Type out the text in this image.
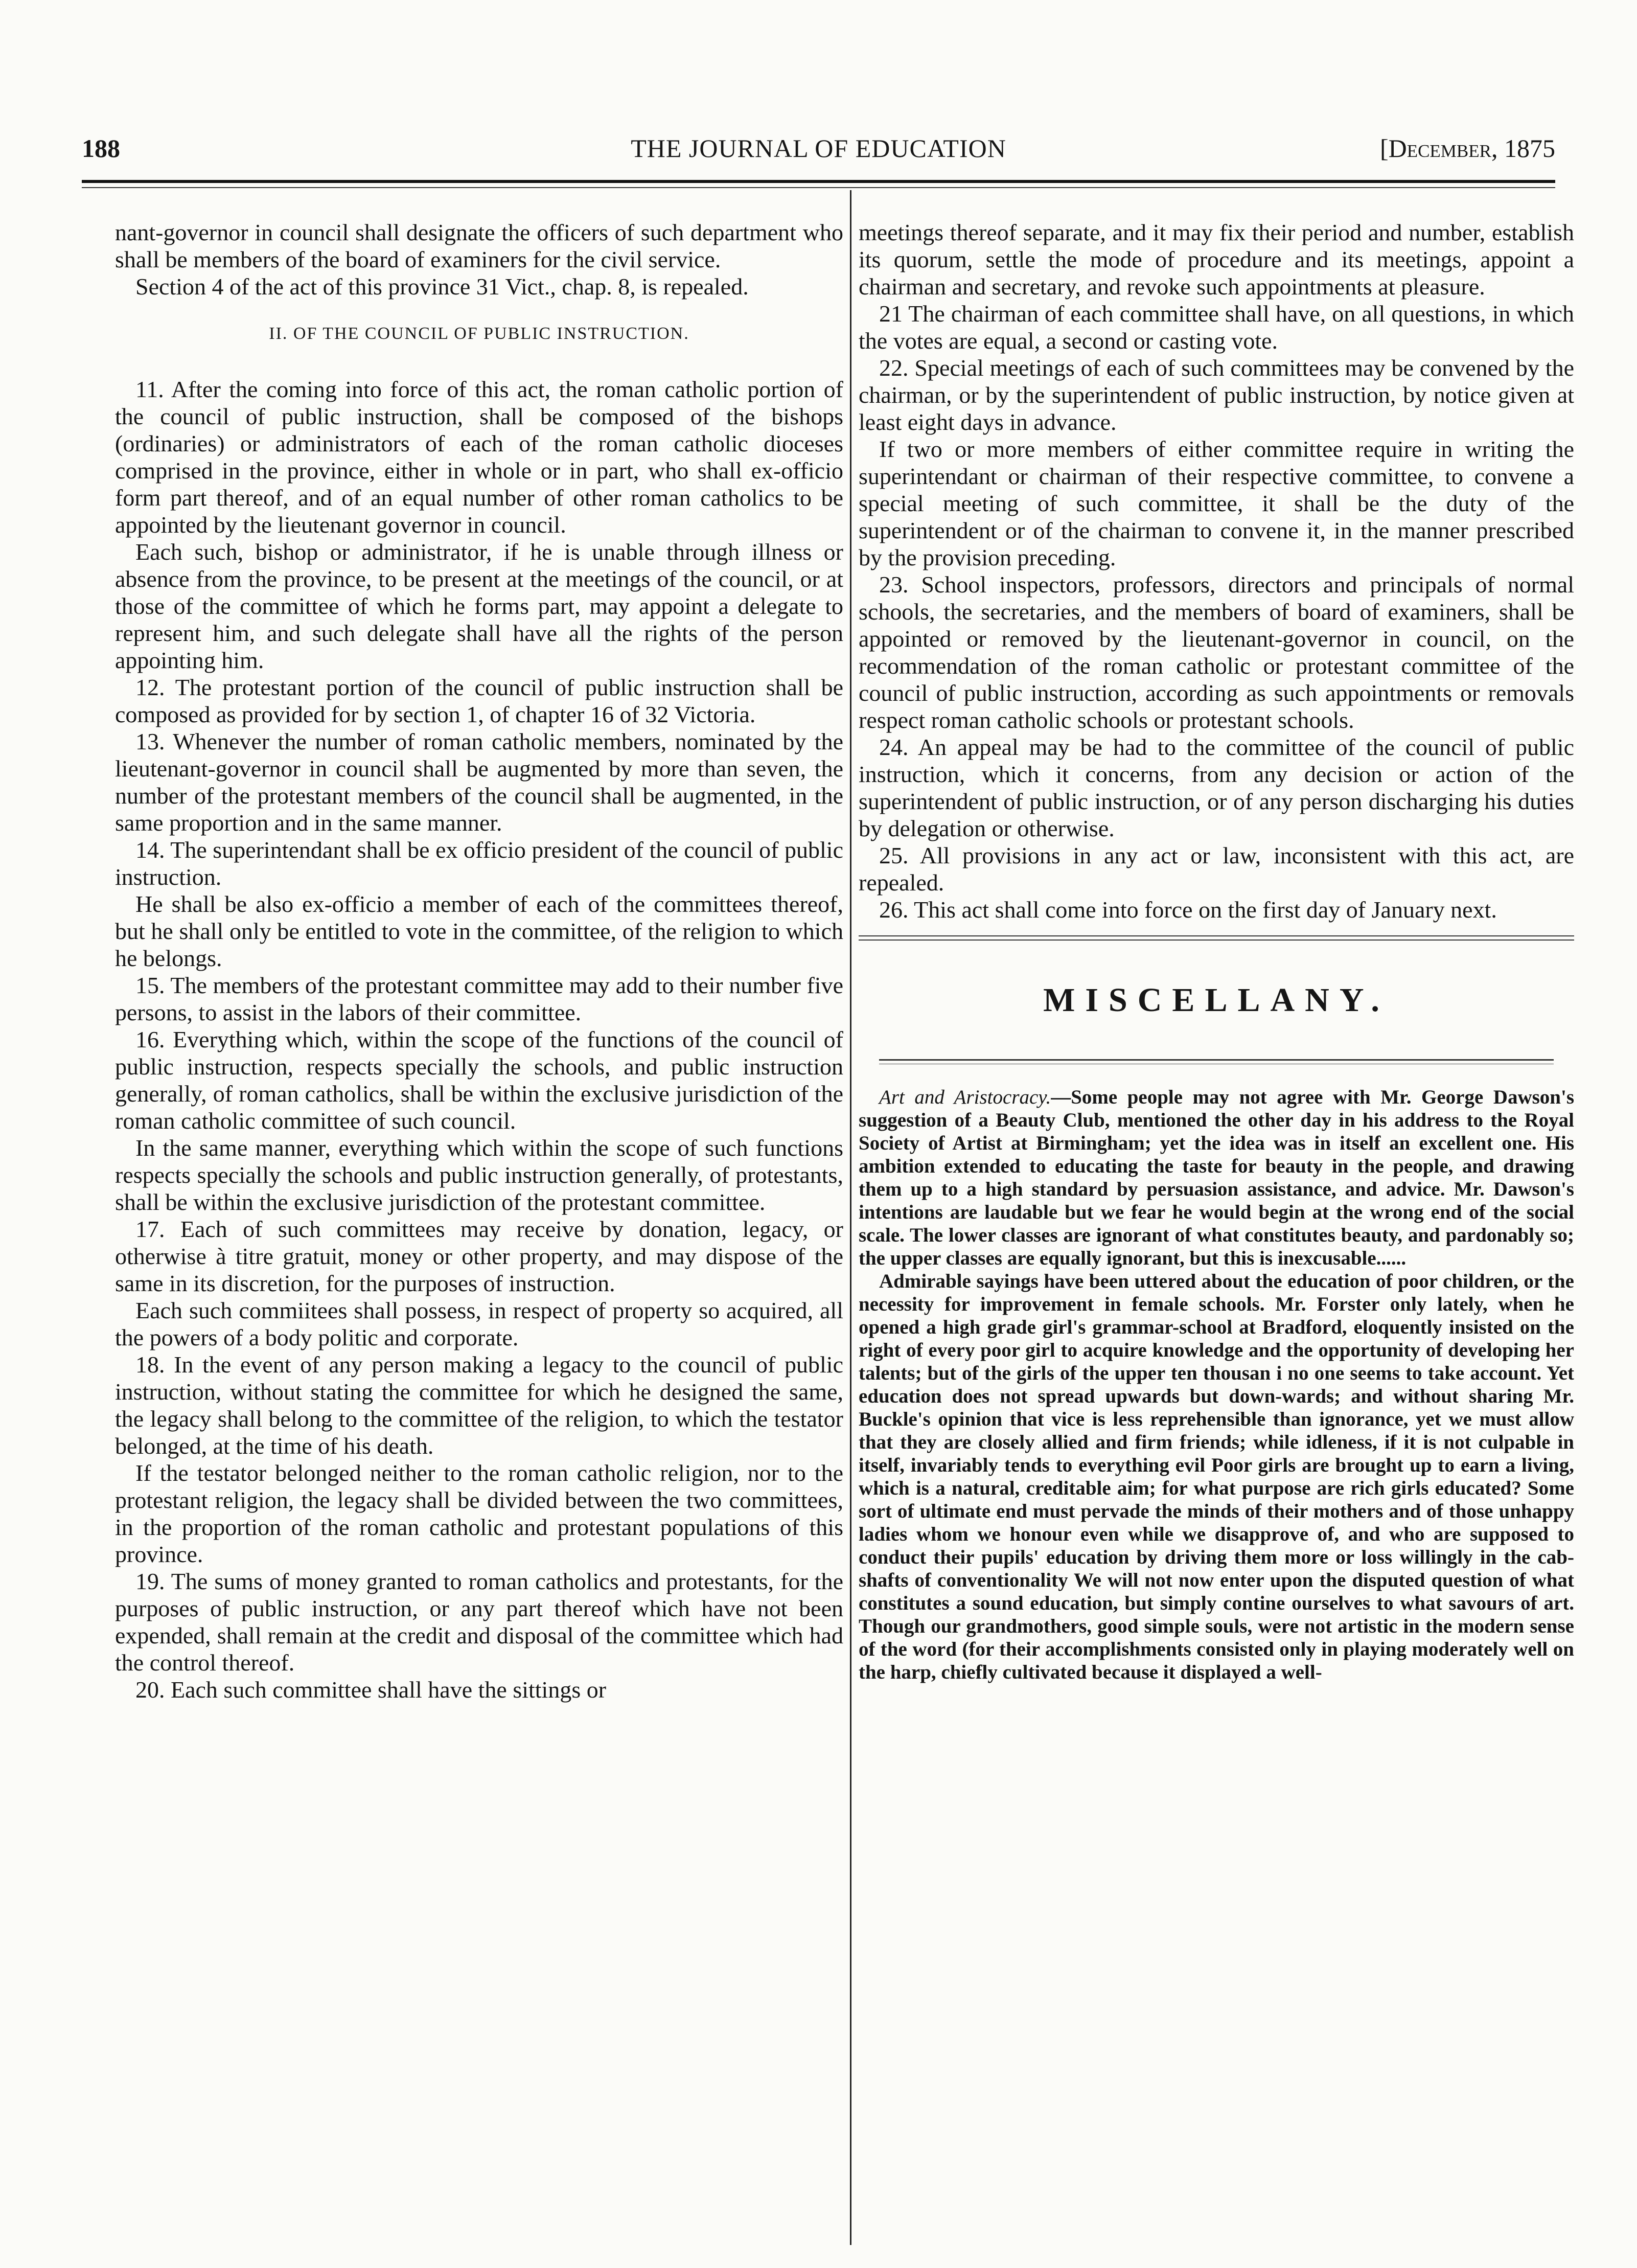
188	THE JOURNAL OF EDUCATION	[December, 1875

nant-governor in council shall designate the officers of such department who shall be members of the board of examiners for the civil service.

Section 4 of the act of this province 31 Vict., chap. 8, is repealed.

II. OF THE COUNCIL OF PUBLIC INSTRUCTION.

11. After the coming into force of this act, the roman catholic portion of the council of public instruction, shall be composed of the bishops (ordinaries) or administrators of each of the roman catholic dioceses comprised in the province, either in whole or in part, who shall ex-officio form part thereof, and of an equal number of other roman catholics to be appointed by the lieutenant governor in council.

Each such, bishop or administrator, if he is unable through illness or absence from the province, to be present at the meetings of the council, or at those of the committee of which he forms part, may appoint a delegate to represent him, and such delegate shall have all the rights of the person appointing him.

12. The protestant portion of the council of public instruction shall be composed as provided for by section 1, of chapter 16 of 32 Victoria.

13. Whenever the number of roman catholic members, nominated by the lieutenant-governor in council shall be augmented by more than seven, the number of the protestant members of the council shall be augmented, in the same proportion and in the same manner.

14. The superintendant shall be ex officio president of the council of public instruction.

He shall be also ex-officio a member of each of the committees thereof, but he shall only be entitled to vote in the committee, of the religion to which he belongs.

15. The members of the protestant committee may add to their number five persons, to assist in the labors of their committee.

16. Everything which, within the scope of the functions of the council of public instruction, respects specially the schools, and public instruction generally, of roman catholics, shall be within the exclusive jurisdiction of the roman catholic committee of such council.

In the same manner, everything which within the scope of such functions respects specially the schools and public instruction generally, of protestants, shall be within the exclusive jurisdiction of the protestant committee.

17. Each of such committees may receive by donation, legacy, or otherwise à titre gratuit, money or other property, and may dispose of the same in its discretion, for the purposes of instruction.

Each such commiitees shall possess, in respect of property so acquired, all the powers of a body politic and corporate.

18. In the event of any person making a legacy to the council of public instruction, without stating the committee for which he designed the same, the legacy shall belong to the committee of the religion, to which the testator belonged, at the time of his death.

If the testator belonged neither to the roman catholic religion, nor to the protestant religion, the legacy shall be divided between the two committees, in the proportion of the roman catholic and protestant populations of this province.

19. The sums of money granted to roman catholics and protestants, for the purposes of public instruction, or any part thereof which have not been expended, shall remain at the credit and disposal of the committee which had the control thereof.

20. Each such committee shall have the sittings or

meetings thereof separate, and it may fix their period and number, establish its quorum, settle the mode of procedure and its meetings, appoint a chairman and secretary, and revoke such appointments at pleasure.

21 The chairman of each committee shall have, on all questions, in which the votes are equal, a second or casting vote.

22. Special meetings of each of such committees may be convened by the chairman, or by the superintendent of public instruction, by notice given at least eight days in advance.

If two or more members of either committee require in writing the superintendant or chairman of their respective committee, to convene a special meeting of such committee, it shall be the duty of the superintendent or of the chairman to convene it, in the manner prescribed by the provision preceding.

23. School inspectors, professors, directors and principals of normal schools, the secretaries, and the members of board of examiners, shall be appointed or removed by the lieutenant-governor in council, on the recommendation of the roman catholic or protestant committee of the council of public instruction, according as such appointments or removals respect roman catholic schools or protestant schools.

24. An appeal may be had to the committee of the council of public instruction, which it concerns, from any decision or action of the superintendent of public instruction, or of any person discharging his duties by delegation or otherwise.

25. All provisions in any act or law, inconsistent with this act, are repealed.

26. This act shall come into force on the first day of January next.

MISCELLANY.

Art and Aristocracy.—Some people may not agree with Mr. George Dawson's suggestion of a Beauty Club, mentioned the other day in his address to the Royal Society of Artist at Birmingham; yet the idea was in itself an excellent one. His ambition extended to educating the taste for beauty in the people, and drawing them up to a high standard by persuasion assistance, and advice. Mr. Dawson's intentions are laudable but we fear he would begin at the wrong end of the social scale. The lower classes are ignorant of what constitutes beauty, and pardonably so; the upper classes are equally ignorant, but this is inexcusable......

Admirable sayings have been uttered about the education of poor children, or the necessity for improvement in female schools. Mr. Forster only lately, when he opened a high grade girl's grammar-school at Bradford, eloquently insisted on the right of every poor girl to acquire knowledge and the opportunity of developing her talents; but of the girls of the upper ten thousan i no one seems to take account. Yet education does not spread upwards but down-wards; and without sharing Mr. Buckle's opinion that vice is less reprehensible than ignorance, yet we must allow that they are closely allied and firm friends; while idleness, if it is not culpable in itself, invariably tends to everything evil Poor girls are brought up to earn a living, which is a natural, creditable aim; for what purpose are rich girls educated? Some sort of ultimate end must pervade the minds of their mothers and of those unhappy ladies whom we honour even while we disapprove of, and who are supposed to conduct their pupils' education by driving them more or loss willingly in the cab-shafts of conventionality We will not now enter upon the disputed question of what constitutes a sound education, but simply contine ourselves to what savours of art. Though our grandmothers, good simple souls, were not artistic in the modern sense of the word (for their accomplishments consisted only in playing moderately well on the harp, chiefly cultivated because it displayed a well-
